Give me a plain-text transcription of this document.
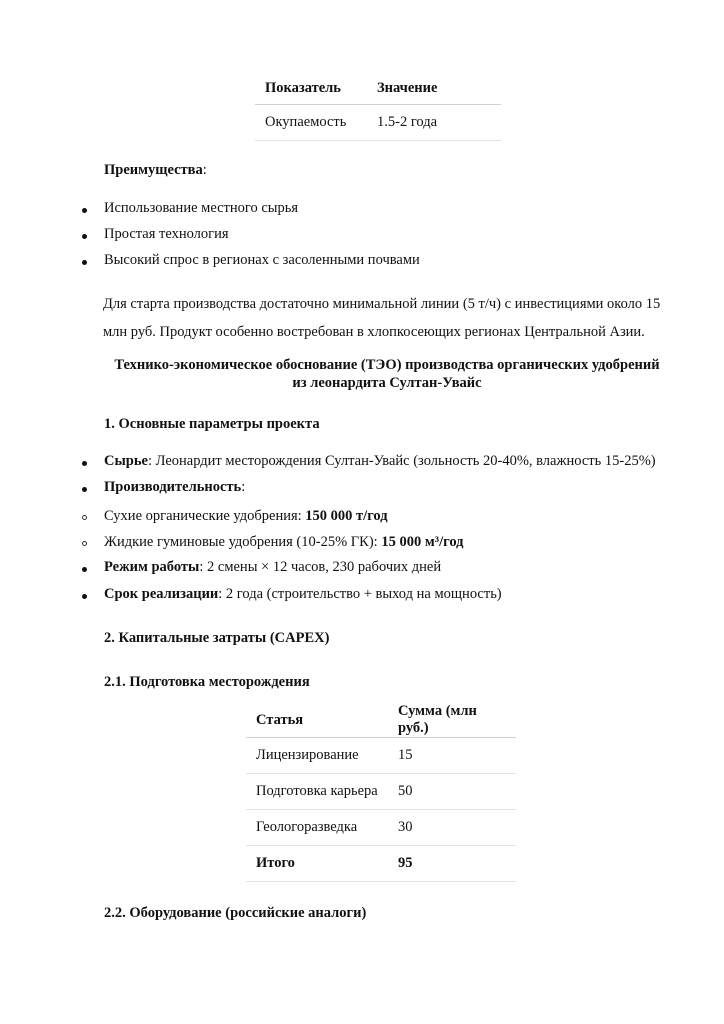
Показатель	Значение
Окупаемость	1.5-2 года
Преимущества:
Использование местного сырья
Простая технология
Высокий спрос в регионах с засоленными почвами
Для старта производства достаточно минимальной линии (5 т/ч) с инвестициями около 15
млн руб. Продукт особенно востребован в хлопкосеющих регионах Центральной Азии.
Технико-экономическое обоснование (ТЭО) производства органических удобрений
из леонардита Султан-Увайс
1. Основные параметры проекта
Сырье: Леонардит месторождения Султан-Увайс (зольность 20-40%, влажность 15-25%)
Производительность:
Сухие органические удобрения: 150 000 т/год
Жидкие гуминовые удобрения (10-25% ГК): 15 000 м³/год
Режим работы: 2 смены × 12 часов, 230 рабочих дней
Срок реализации: 2 года (строительство + выход на мощность)
2. Капитальные затраты (CAPEX)
2.1. Подготовка месторождения
Статья	Сумма (млн руб.)
Лицензирование	15
Подготовка карьера	50
Геологоразведка	30
Итого	95
2.2. Оборудование (российские аналоги)
